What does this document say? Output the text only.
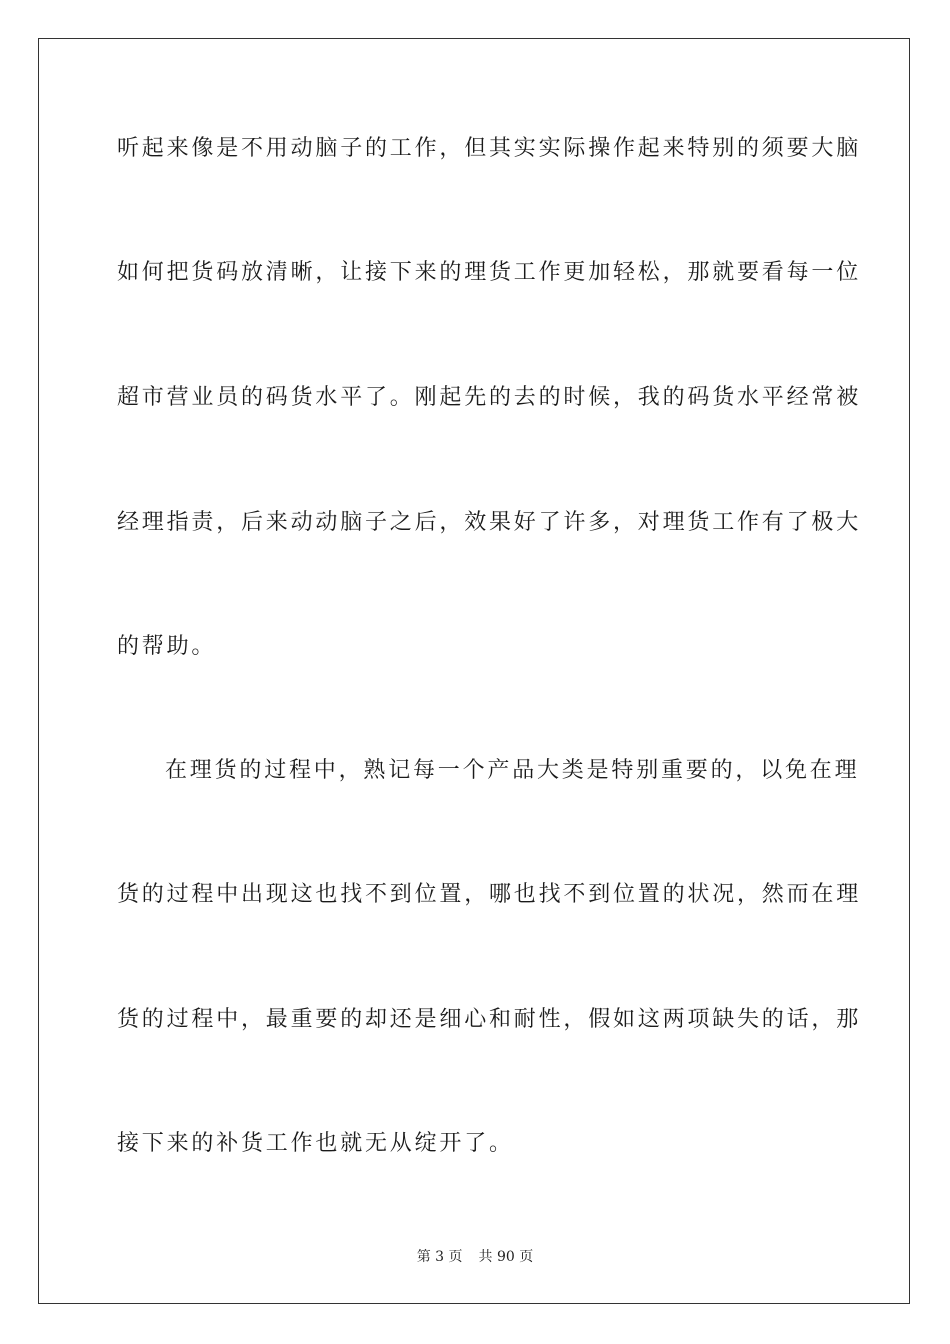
听起来像是不用动脑子的工作，但其实实际操作起来特别的须要大脑
如何把货码放清晰，让接下来的理货工作更加轻松，那就要看每一位
超市营业员的码货水平了。刚起先的去的时候，我的码货水平经常被
经理指责，后来动动脑子之后，效果好了许多，对理货工作有了极大
的帮助。
在理货的过程中，熟记每一个产品大类是特别重要的，以免在理
货的过程中出现这也找不到位置，哪也找不到位置的状况，然而在理
货的过程中，最重要的却还是细心和耐性，假如这两项缺失的话，那
接下来的补货工作也就无从绽开了。
第 3 页 共 90 页
